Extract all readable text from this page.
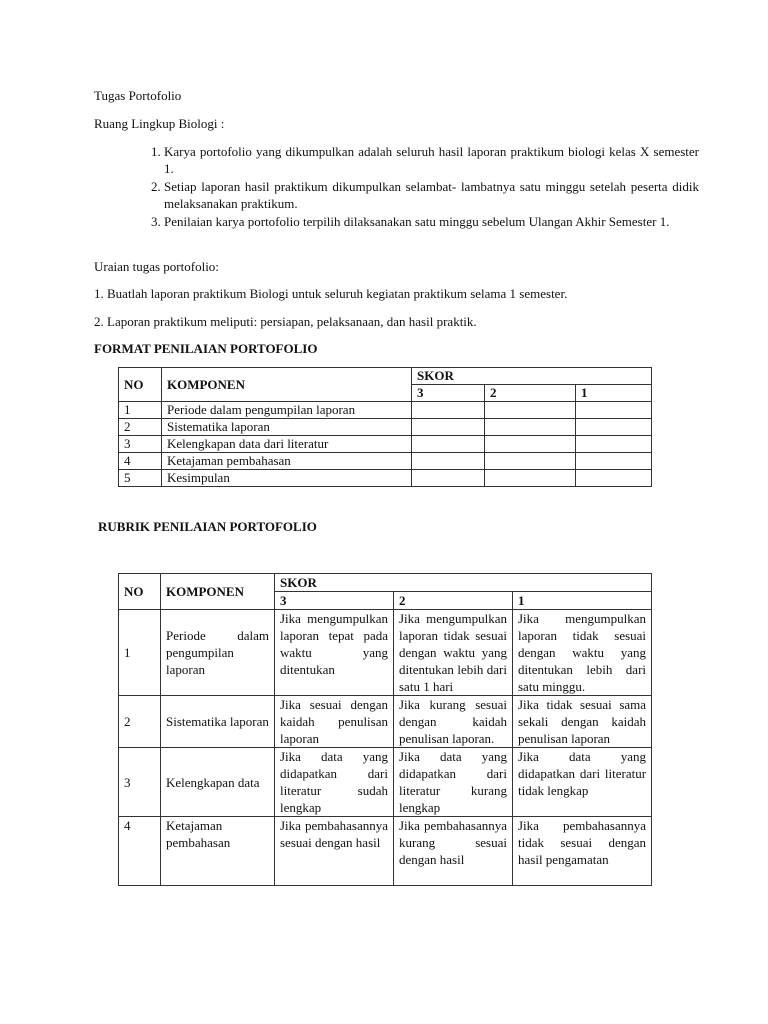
Tugas Portofolio

Ruang Lingkup Biologi :

1. Karya portofolio yang dikumpulkan adalah seluruh hasil laporan praktikum biologi kelas X semester 1.
2. Setiap laporan hasil praktikum dikumpulkan selambat- lambatnya satu minggu setelah peserta didik melaksanakan praktikum.
3. Penilaian karya portofolio terpilih dilaksanakan satu minggu sebelum Ulangan Akhir Semester 1.

Uraian tugas portofolio:

1. Buatlah laporan praktikum Biologi untuk seluruh kegiatan praktikum selama 1 semester.

2. Laporan praktikum meliputi: persiapan, pelaksanaan, dan hasil praktik.

FORMAT PENILAIAN PORTOFOLIO

NO	KOMPONEN	SKOR		
		3	2	1
1	Periode dalam pengumpilan laporan			
2	Sistematika laporan			
3	Kelengkapan data dari literatur			
4	Ketajaman pembahasan			
5	Kesimpulan			

RUBRIK PENILAIAN PORTOFOLIO

NO	KOMPONEN	SKOR		
		3	2	1
1	Periode dalam pengumpilan laporan	Jika mengumpulkan laporan tepat pada waktu yang ditentukan	Jika mengumpulkan laporan tidak sesuai dengan waktu yang ditentukan lebih dari satu 1 hari	Jika mengumpulkan laporan tidak sesuai dengan waktu yang ditentukan lebih dari satu minggu.
2	Sistematika laporan	Jika sesuai dengan kaidah penulisan laporan	Jika kurang sesuai dengan kaidah penulisan laporan.	Jika tidak sesuai sama sekali dengan kaidah penulisan laporan
3	Kelengkapan data	Jika data yang didapatkan dari literatur sudah lengkap	Jika data yang didapatkan dari literatur kurang lengkap	Jika data yang didapatkan dari literatur tidak lengkap
4	Ketajaman pembahasan	Jika pembahasannya sesuai dengan hasil	Jika pembahasannya kurang sesuai dengan hasil	Jika pembahasannya tidak sesuai dengan hasil pengamatan
